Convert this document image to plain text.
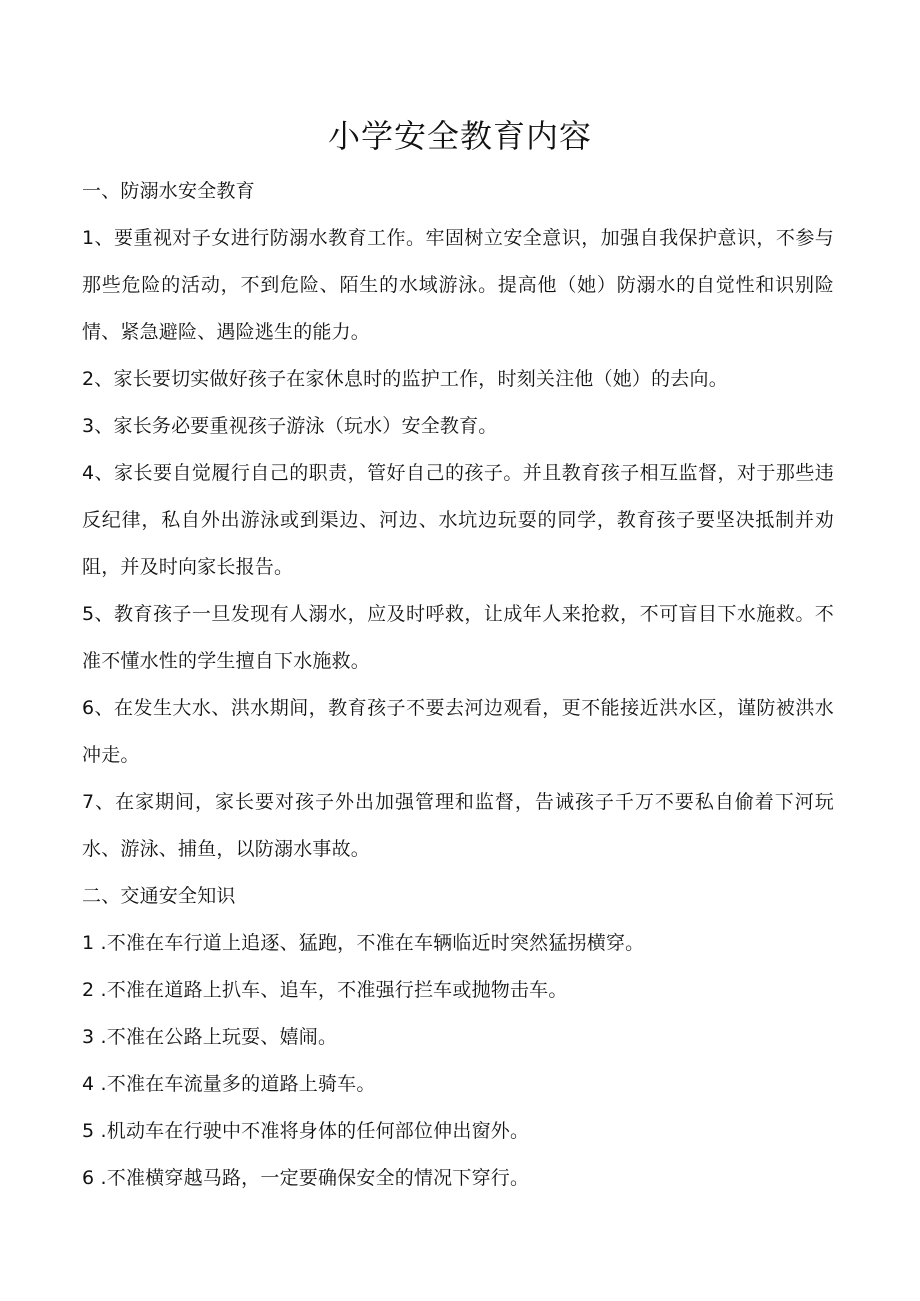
小学安全教育内容

一、防溺水安全教育

1、要重视对子女进行防溺水教育工作。牢固树立安全意识，加强自我保护意识，不参与那些危险的活动，不到危险、陌生的水域游泳。提高他（她）防溺水的自觉性和识别险情、紧急避险、遇险逃生的能力。

2、家长要切实做好孩子在家休息时的监护工作，时刻关注他（她）的去向。

3、家长务必要重视孩子游泳（玩水）安全教育。

4、家长要自觉履行自己的职责，管好自己的孩子。并且教育孩子相互监督，对于那些违反纪律，私自外出游泳或到渠边、河边、水坑边玩耍的同学，教育孩子要坚决抵制并劝阻，并及时向家长报告。

5、教育孩子一旦发现有人溺水，应及时呼救，让成年人来抢救，不可盲目下水施救。不准不懂水性的学生擅自下水施救。

6、在发生大水、洪水期间，教育孩子不要去河边观看，更不能接近洪水区，谨防被洪水冲走。

7、在家期间，家长要对孩子外出加强管理和监督，告诫孩子千万不要私自偷着下河玩水、游泳、捕鱼，以防溺水事故。

二、交通安全知识

1 .不准在车行道上追逐、猛跑，不准在车辆临近时突然猛拐横穿。

2 .不准在道路上扒车、追车，不准强行拦车或抛物击车。

3 .不准在公路上玩耍、嬉闹。

4 .不准在车流量多的道路上骑车。

5 .机动车在行驶中不准将身体的任何部位伸出窗外。

6 .不准横穿越马路，一定要确保安全的情况下穿行。
